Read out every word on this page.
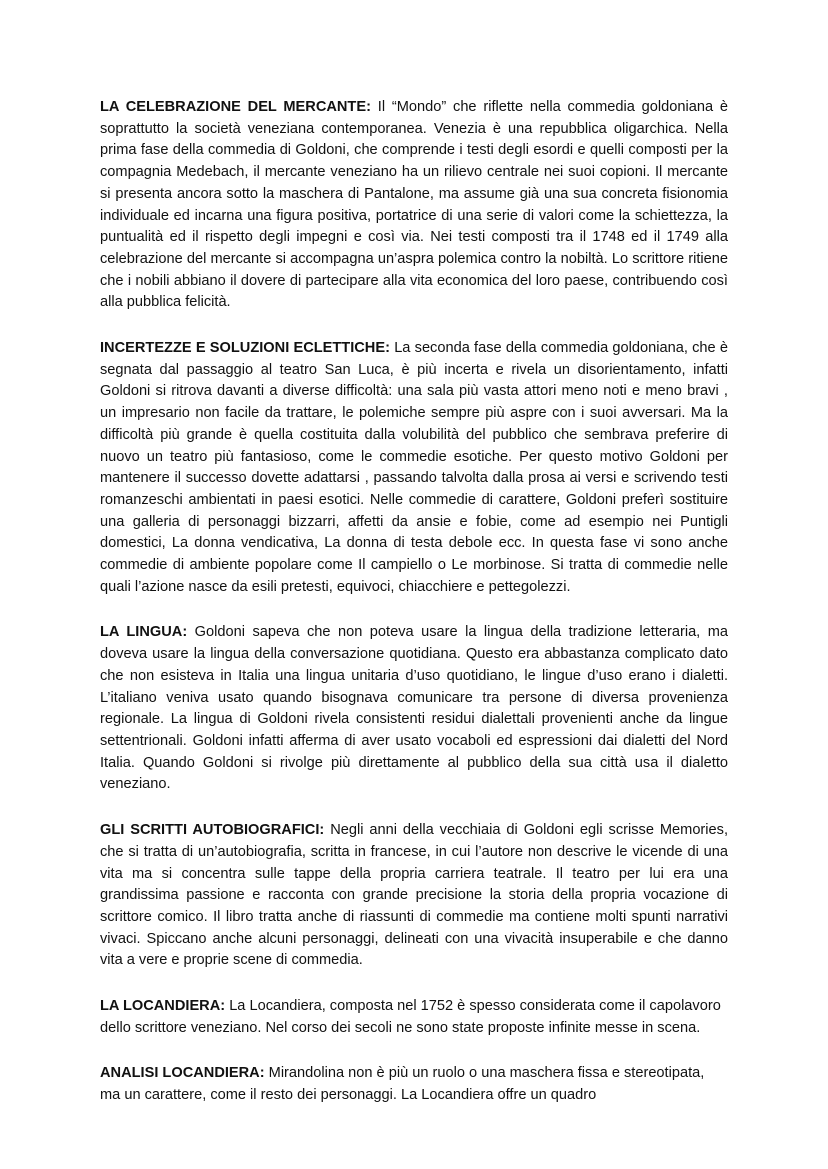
LA CELEBRAZIONE DEL MERCANTE: Il “Mondo” che riflette nella commedia goldoniana è soprattutto la società veneziana contemporanea. Venezia è una repubblica oligarchica. Nella prima fase della commedia di Goldoni, che comprende i testi degli esordi e quelli composti per la compagnia Medebach, il mercante veneziano ha un rilievo centrale nei suoi copioni. Il mercante si presenta ancora sotto la maschera di Pantalone, ma assume già una sua concreta fisionomia individuale ed incarna una figura positiva, portatrice di una serie di valori come la schiettezza, la puntualità ed il rispetto degli impegni e così via. Nei testi composti tra il 1748 ed il 1749 alla celebrazione del mercante si accompagna un’aspra polemica contro la nobiltà. Lo scrittore ritiene che i nobili abbiano il dovere di partecipare alla vita economica del loro paese, contribuendo così alla pubblica felicità.

INCERTEZZE E SOLUZIONI ECLETTICHE: La seconda fase della commedia goldoniana, che è segnata dal passaggio al teatro San Luca, è più incerta e rivela un disorientamento, infatti Goldoni si ritrova davanti a diverse difficoltà: una sala più vasta attori meno noti e meno bravi , un impresario non facile da trattare, le polemiche sempre più aspre con i suoi avversari. Ma la difficoltà più grande è quella costituita dalla volubilità del pubblico che sembrava preferire di nuovo un teatro più fantasioso, come le commedie esotiche. Per questo motivo Goldoni per mantenere il successo dovette adattarsi , passando talvolta dalla prosa ai versi e scrivendo testi romanzeschi ambientati in paesi esotici. Nelle commedie di carattere, Goldoni preferì sostituire una galleria di personaggi bizzarri, affetti da ansie e fobie, come ad esempio nei Puntigli domestici, La donna vendicativa, La donna di testa debole ecc. In questa fase vi sono anche commedie di ambiente popolare come Il campiello o Le morbinose. Si tratta di commedie nelle quali l’azione nasce da esili pretesti, equivoci, chiacchiere e pettegolezzi.

LA LINGUA: Goldoni sapeva che non poteva usare la lingua della tradizione letteraria, ma doveva usare la lingua della conversazione quotidiana. Questo era abbastanza complicato dato che non esisteva in Italia una lingua unitaria d’uso quotidiano, le lingue d’uso erano i dialetti. L’italiano veniva usato quando bisognava comunicare tra persone di diversa provenienza regionale. La lingua di Goldoni rivela consistenti residui dialettali provenienti anche da lingue settentrionali. Goldoni infatti afferma di aver usato vocaboli ed espressioni dai dialetti del Nord Italia. Quando Goldoni si rivolge più direttamente al pubblico della sua città usa il dialetto veneziano.

GLI SCRITTI AUTOBIOGRAFICI: Negli anni della vecchiaia di Goldoni egli scrisse Memories, che si tratta di un’autobiografia, scritta in francese, in cui l’autore non descrive le vicende di una vita ma si concentra sulle tappe della propria carriera teatrale. Il teatro per lui era una grandissima passione e racconta con grande precisione la storia della propria vocazione di scrittore comico. Il libro tratta anche di riassunti di commedie ma contiene molti spunti narrativi vivaci. Spiccano anche alcuni personaggi, delineati con una vivacità insuperabile e che danno vita a vere e proprie scene di commedia.

LA LOCANDIERA: La Locandiera, composta nel 1752 è spesso considerata come il capolavoro dello scrittore veneziano. Nel corso dei secoli ne sono state proposte infinite messe in scena.

ANALISI LOCANDIERA: Mirandolina non è più un ruolo o una maschera fissa e stereotipata, ma un carattere, come il resto dei personaggi. La Locandiera offre un quadro
